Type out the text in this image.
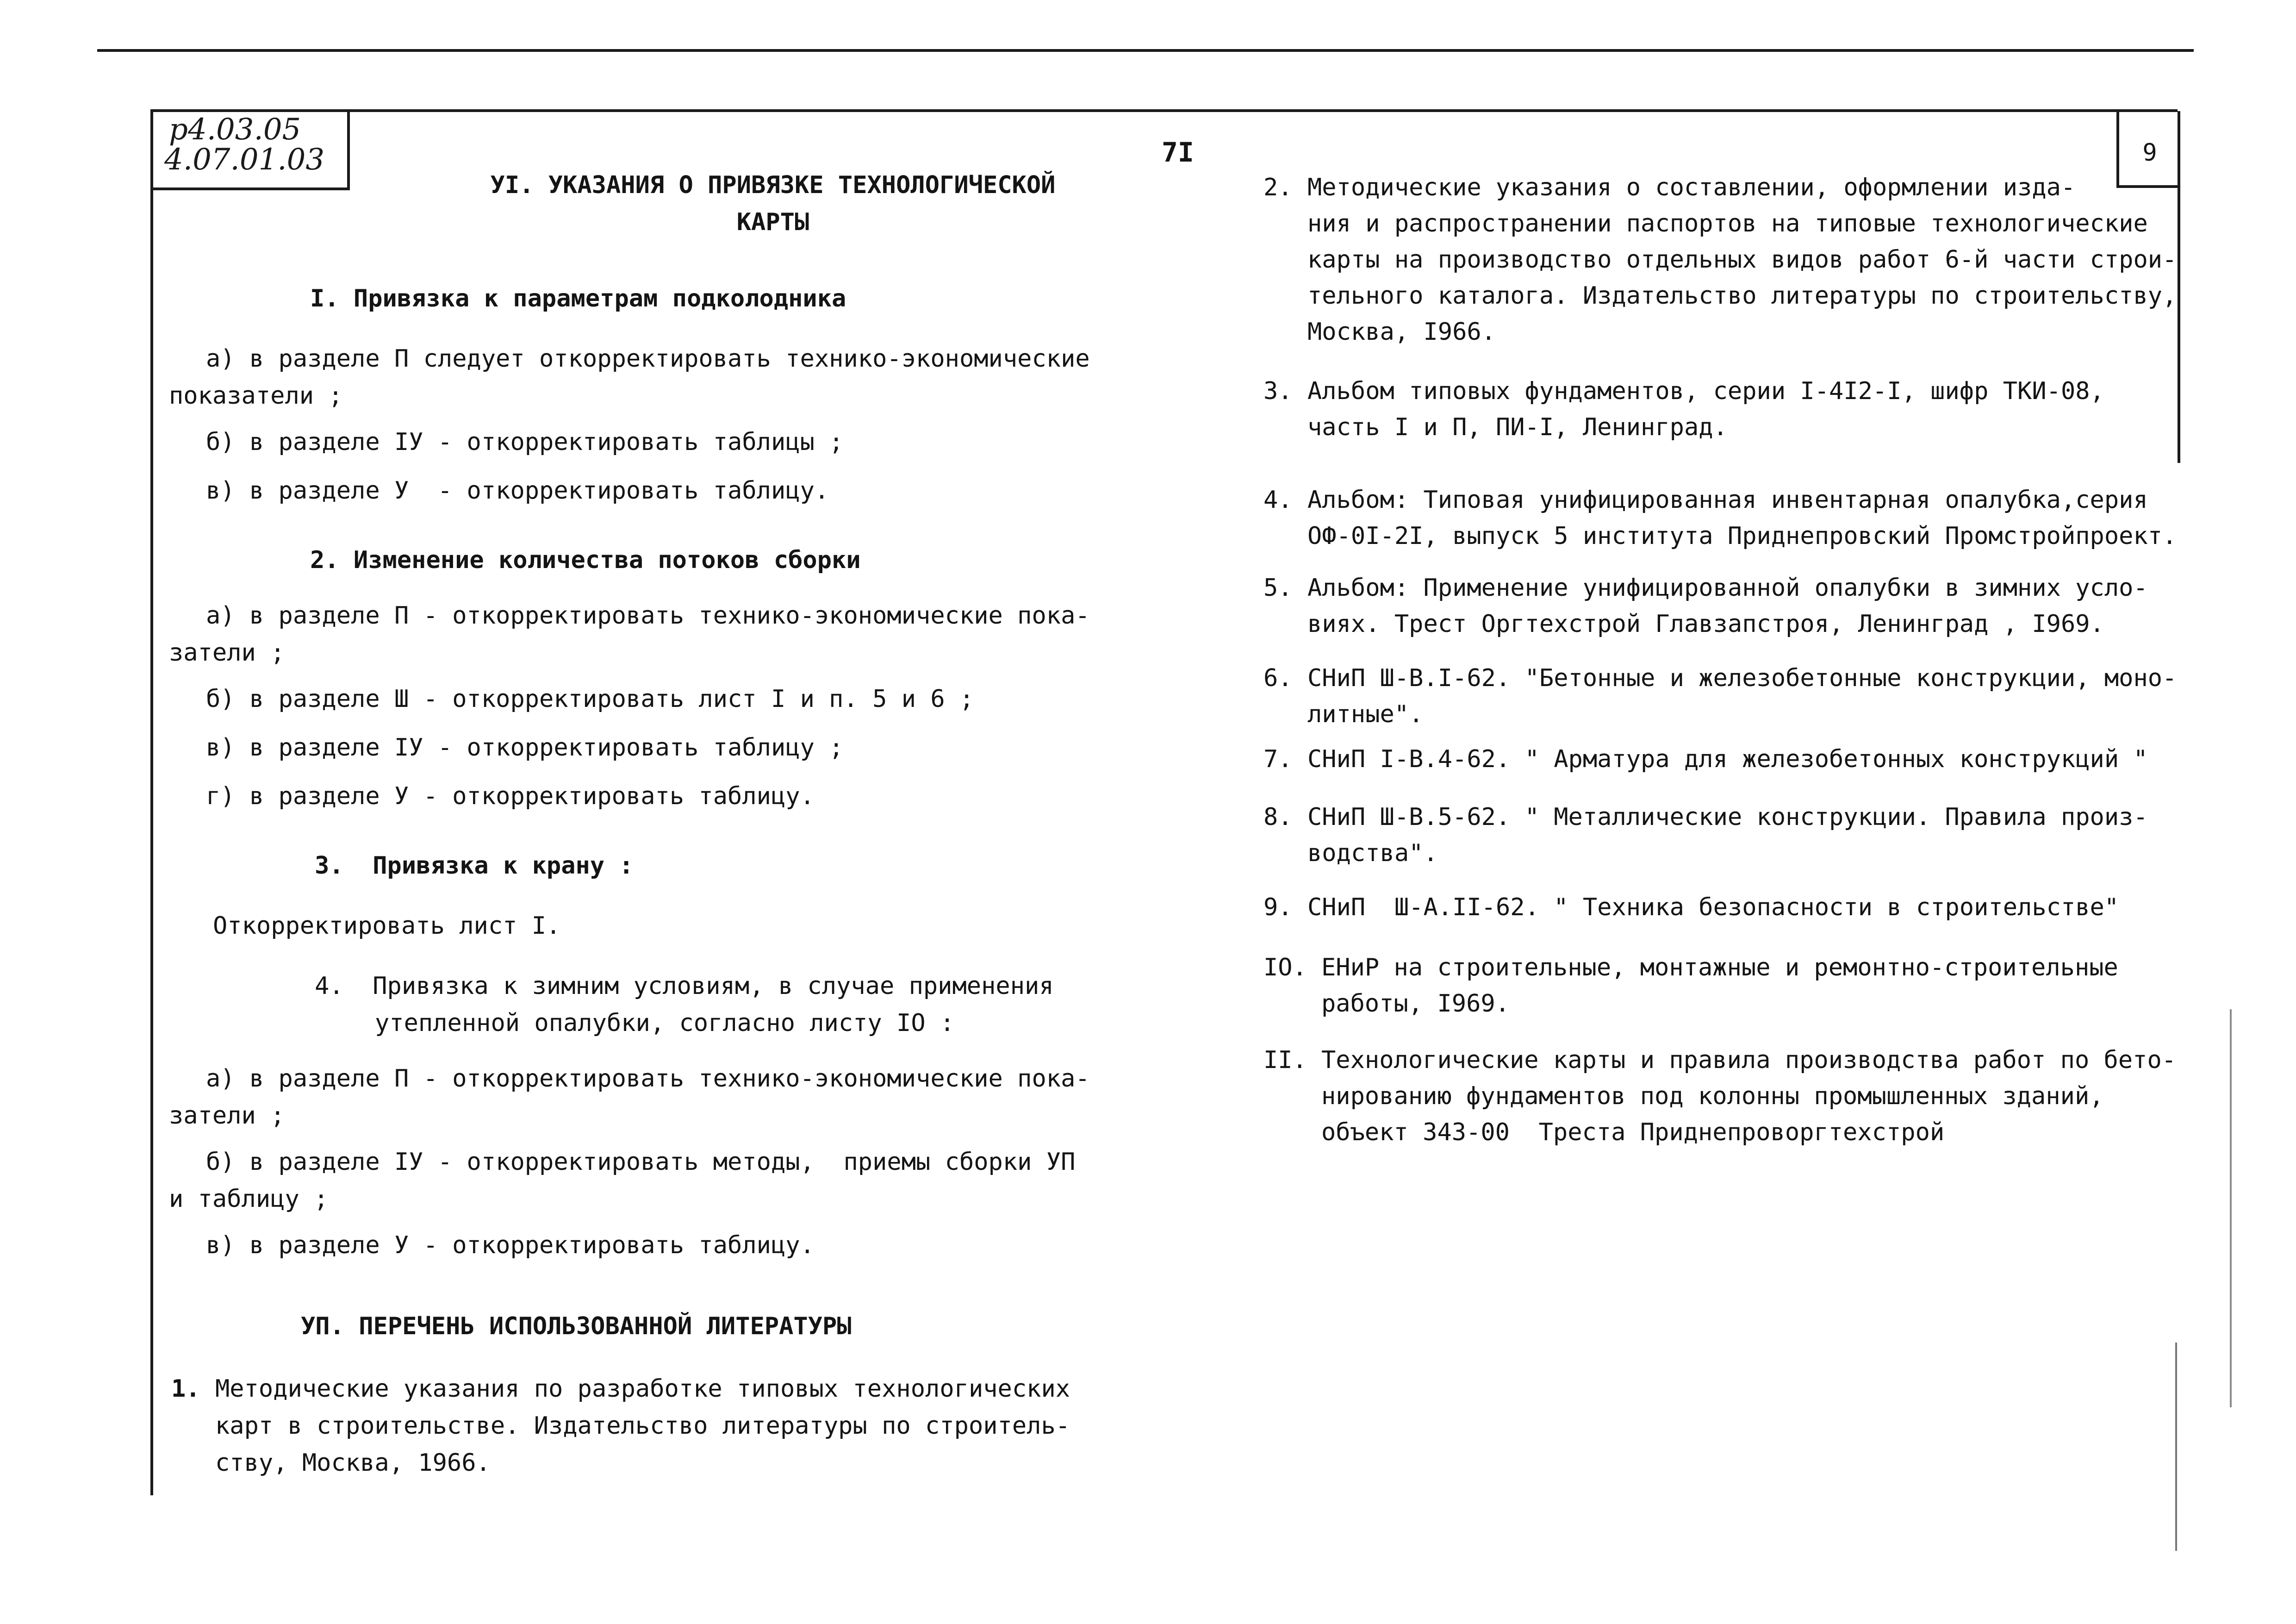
р4.03.05
4.07.01.03	9
7I
УI. УКАЗАНИЯ О ПРИВЯЗКЕ ТЕХНОЛОГИЧЕСКОЙ
КАРТЫ
I. Привязка к параметрам подколодника
а) в разделе П следует откорректировать технико-экономические
показатели ;
б) в разделе IУ - откорректировать таблицы ;
в) в разделе У  - откорректировать таблицу.
2. Изменение количества потоков сборки
а) в разделе П - откорректировать технико-экономические пока-
затели ;
б) в разделе Ш - откорректировать лист I и п. 5 и 6 ;
в) в разделе IУ - откорректировать таблицу ;
г) в разделе У - откорректировать таблицу.
3.  Привязка к крану :
Откорректировать лист I.
4.  Привязка к зимним условиям, в случае применения
утепленной опалубки, согласно листу IO :
а) в разделе П - откорректировать технико-экономические пока-
затели ;
б) в разделе IУ - откорректировать методы,  приемы сборки УП
и таблицу ;
в) в разделе У - откорректировать таблицу.
УП. ПЕРЕЧЕНЬ ИСПОЛЬЗОВАННОЙ ЛИТЕРАТУРЫ
1. Методические указания по разработке типовых технологических
карт в строительстве. Издательство литературы по строитель-
ству, Москва, 1966.
2. Методические указания о составлении, оформлении изда-
ния и распространении паспортов на типовые технологические
карты на производство отдельных видов работ 6-й части строи-
тельного каталога. Издательство литературы по строительству,
Москва, I966.
3. Альбом типовых фундаментов, серии I-4I2-I, шифр ТКИ-08,
часть I и П, ПИ-I, Ленинград.
4. Альбом: Типовая унифицированная инвентарная опалубка,серия
ОФ-0I-2I, выпуск 5 института Приднепровский Промстройпроект.
5. Альбом: Применение унифицированной опалубки в зимних усло-
виях. Трест Оргтехстрой Главзапстроя, Ленинград , I969.
6. СНиП Ш-В.I-62. "Бетонные и железобетонные конструкции, моно-
литные".
7. СНиП I-В.4-62. " Арматура для железобетонных конструкций "
8. СНиП Ш-В.5-62. " Металлические конструкции. Правила произ-
водства".
9. СНиП  Ш-А.II-62. " Техника безопасности в строительстве"
IO. ЕНиР на строительные, монтажные и ремонтно-строительные
работы, I969.
II. Технологические карты и правила производства работ по бето-
нированию фундаментов под колонны промышленных зданий,
объект 343-00  Треста Приднепроворгтехстрой
